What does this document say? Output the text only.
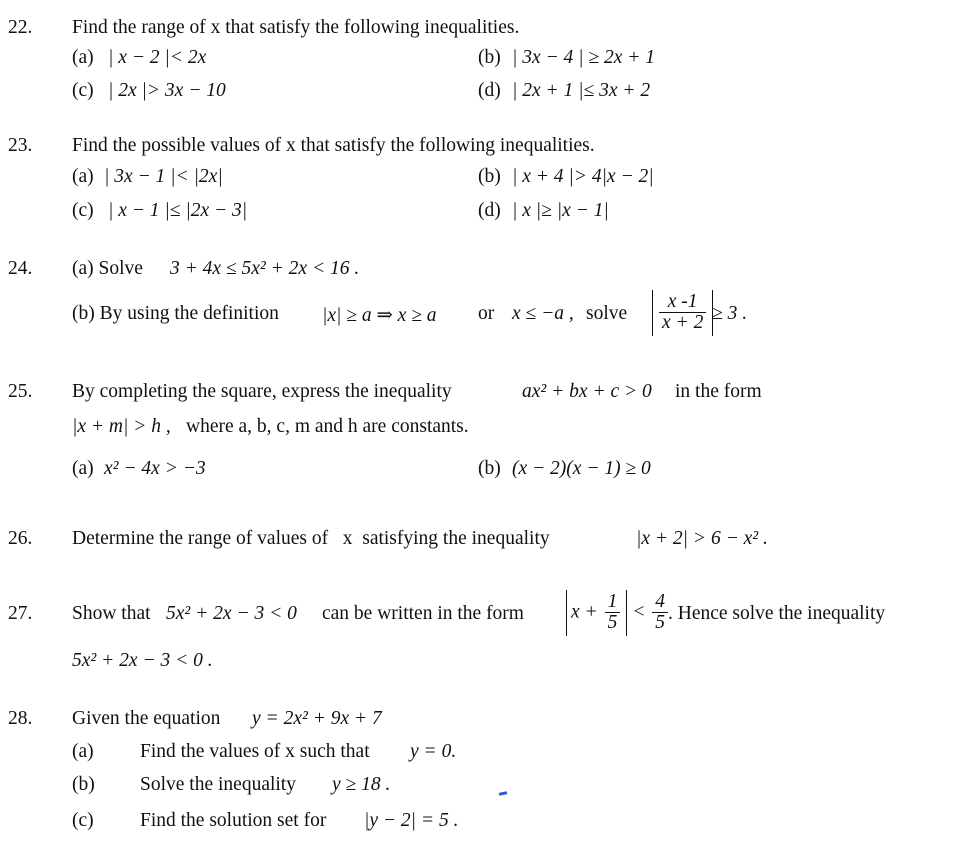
22. Find the range of x that satisfy the following inequalities.
(a) | x − 2 |< 2x	(b) | 3x − 4 | ≥ 2x + 1
(c) | 2x |> 3x − 10	(d) | 2x + 1 |≤ 3x + 2
23. Find the possible values of x that satisfy the following inequalities.
(a) | 3x − 1 |< |2x|	(b) | x + 4 |> 4|x − 2|
(c) | x − 1 |≤ |2x − 3|	(d) | x |≥ |x − 1|
24. (a) Solve 3 + 4x ≤ 5x² + 2x < 16 .
(b) By using the definition |x| ≥ a ⇒ x ≥ a or x ≤ −a , solve $\frac{x -1}{x + 2} \ge 3$ .
25. By completing the square, express the inequality	ax² + bx + c > 0 in the form
|x + m| > h , where a, b, c, m and h are constants.
(a) x² − 4x > −3	(b) (x − 2)(x − 1) ≥ 0
26. Determine the range of values of   x  satisfying the inequality	|x + 2| > 6 − x² .
27. Show that 5x² + 2x − 3 < 0 can be written in the form $x + \frac{1}{5} < \frac{4}{5}$ . Hence solve the inequality
5x² + 2x − 3 < 0 .
28. Given the equation y = 2x² + 9x + 7
(a) Find the values of x such that y = 0.
(b) Solve the inequality y ≥ 18 .
(c) Find the solution set for |y − 2| = 5 .
